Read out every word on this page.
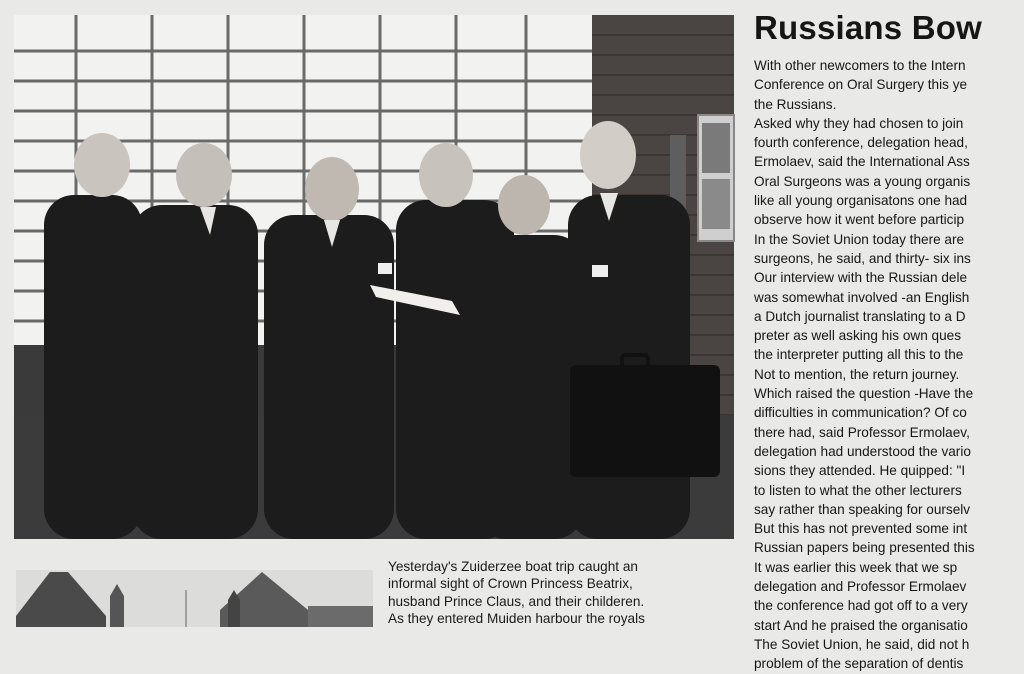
Yesterday's Zuiderzee boat trip caught an
informal sight of Crown Princess Beatrix,
husband Prince Claus, and their childeren.
As they entered Muiden harbour the royals
Russians Bow
With other newcomers to the Intern
Conference on Oral Surgery this ye
the Russians.
Asked why they had chosen to join
fourth conference, delegation head,
Ermolaev, said the International Ass
Oral Surgeons was a young organis
like all young organisatons one had
observe how it went before particip
In the Soviet Union today there are
surgeons, he said, and thirty- six ins
Our interview with the Russian dele
was somewhat involved -an English
a Dutch journalist translating to a D
preter as well asking his own ques
the interpreter putting all this to the
Not to mention, the return journey.
Which raised the question -Have the
difficulties in communication? Of co
there had, said Professor Ermolaev,
delegation had understood the vario
sions they attended. He quipped: "I
to listen to what the other lecturers
say rather than speaking for ourselv
But this has not prevented some int
Russian papers being presented this
It was earlier this week that we sp
delegation and Professor Ermolaev
the conference had got off to a very
start And he praised the organisatio
The Soviet Union, he said, did not h
problem of the separation of dentis
